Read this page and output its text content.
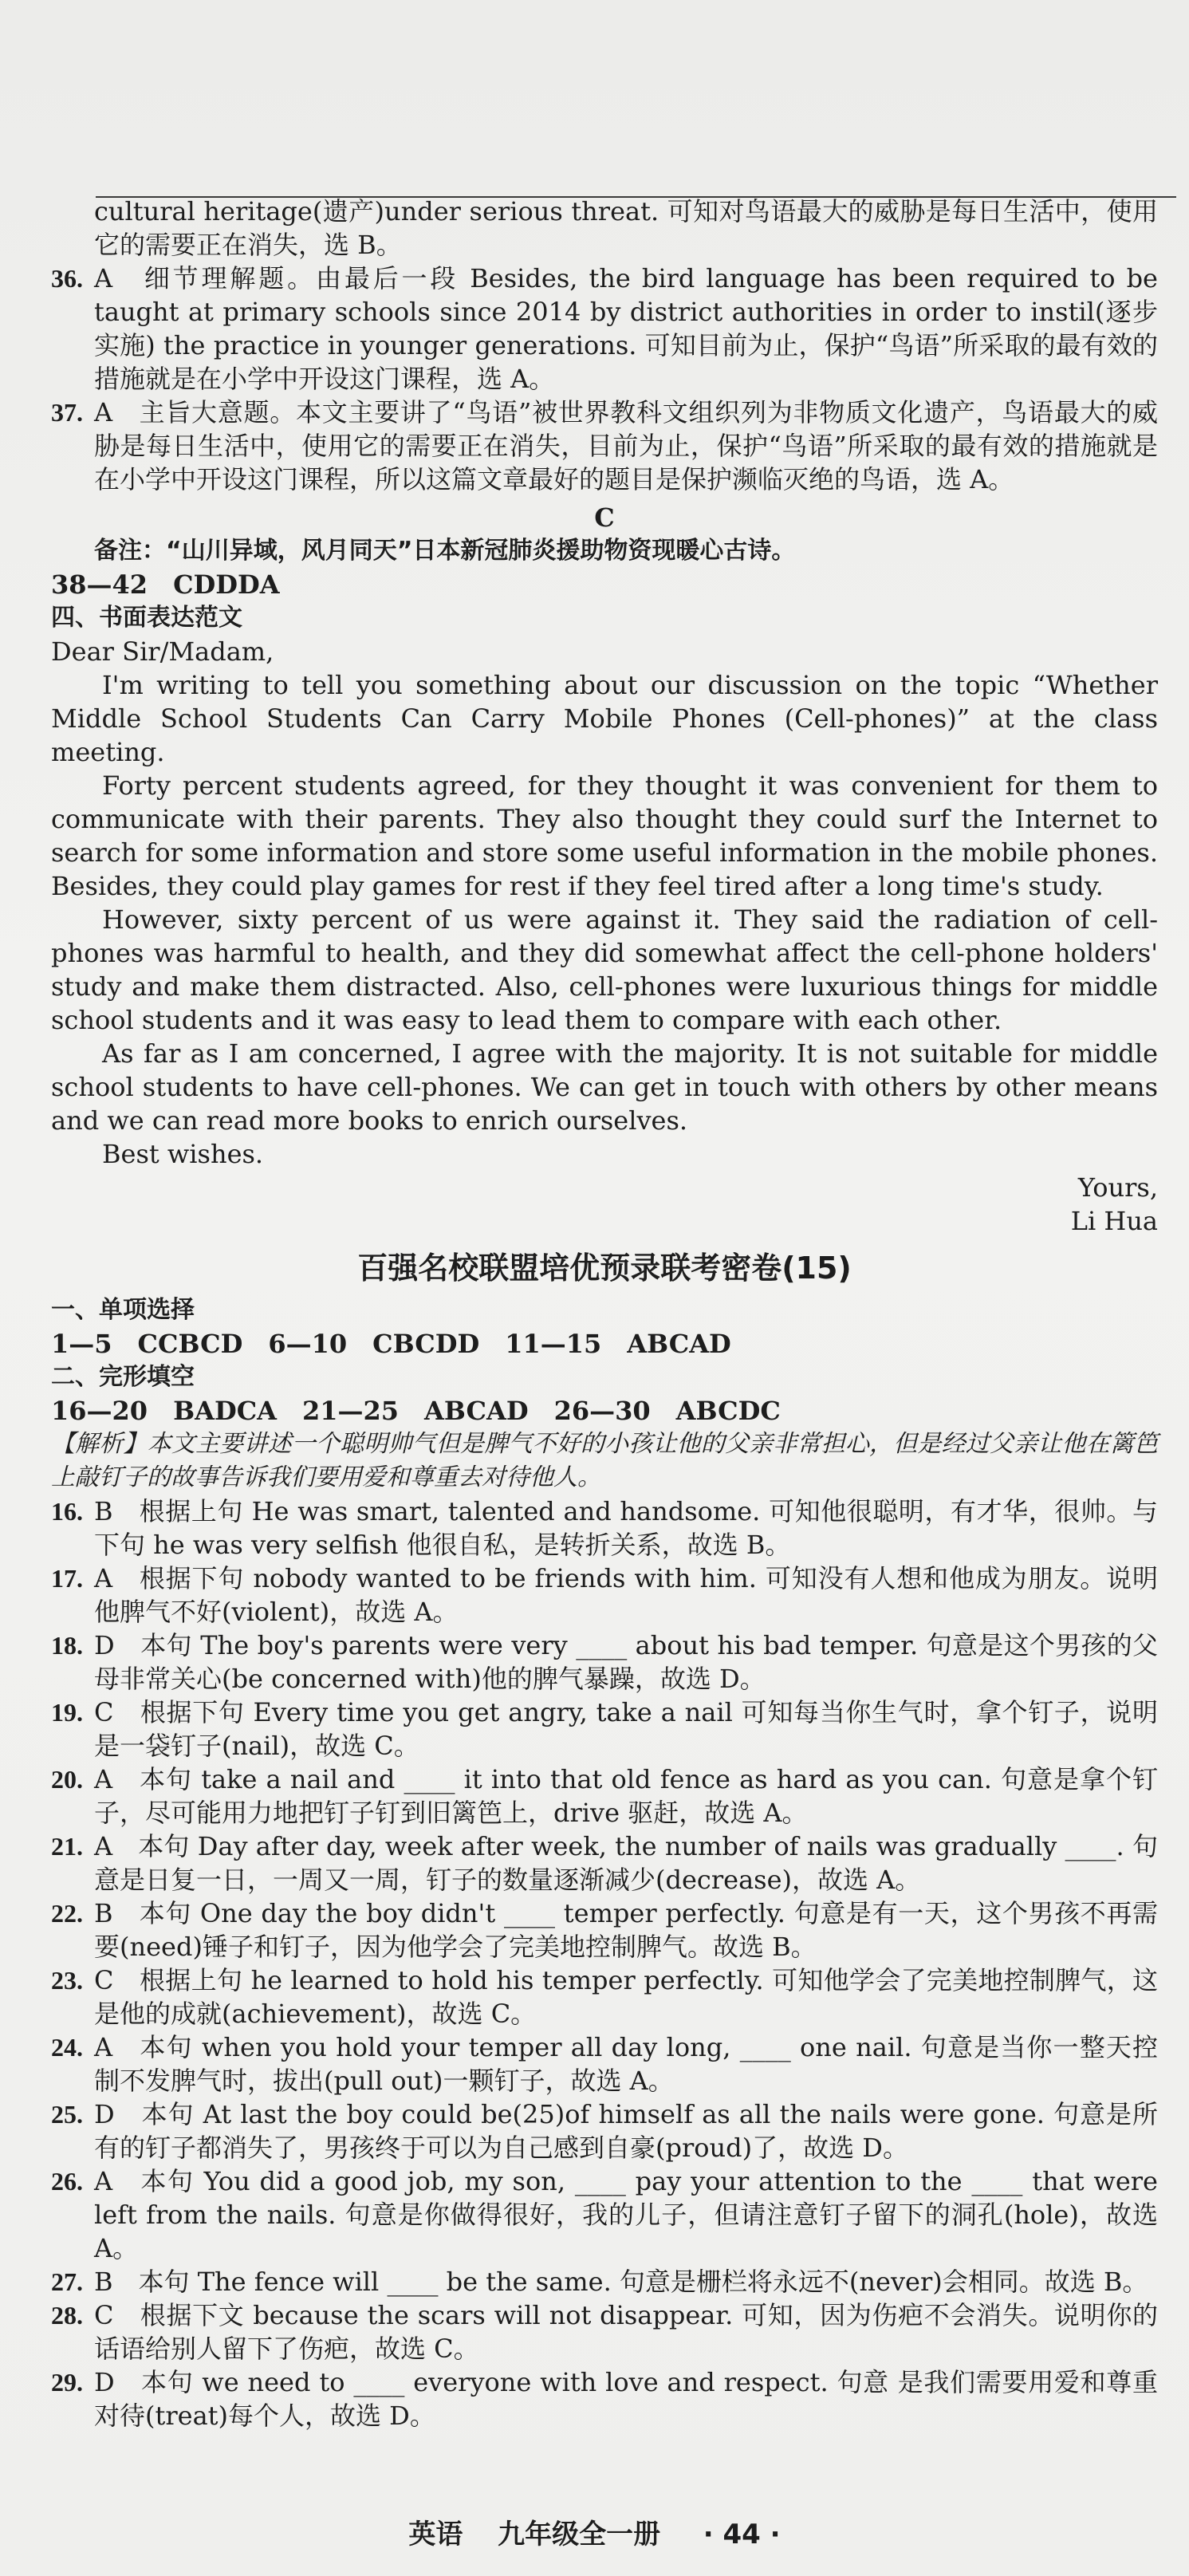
cultural heritage(遗产)under serious threat. 可知对鸟语最大的威胁是每日生活中，使用它的需要正在消失，选 B。

36. A　细节理解题。由最后一段 Besides, the bird language has been required to be taught at primary schools since 2014 by district authorities in order to instil(逐步实施) the practice in younger generations. 可知目前为止，保护“鸟语”所采取的最有效的措施就是在小学中开设这门课程，选 A。
37. A　主旨大意题。本文主要讲了“鸟语”被世界教科文组织列为非物质文化遗产，鸟语最大的威胁是每日生活中，使用它的需要正在消失，目前为止，保护“鸟语”所采取的最有效的措施就是在小学中开设这门课程，所以这篇文章最好的题目是保护濒临灭绝的鸟语，选 A。

C

备注：“山川异域，风月同天”日本新冠肺炎援助物资现暖心古诗。

38—42　CDDDA

四、书面表达范文

Dear Sir/Madam,

I'm writing to tell you something about our discussion on the topic “Whether Middle School Students Can Carry Mobile Phones (Cell-phones)” at the class meeting.

Forty percent students agreed, for they thought it was convenient for them to communicate with their parents. They also thought they could surf the Internet to search for some information and store some useful information in the mobile phones. Besides, they could play games for rest if they feel tired after a long time's study.

However, sixty percent of us were against it. They said the radiation of cell-phones was harmful to health, and they did somewhat affect the cell-phone holders' study and make them distracted. Also, cell-phones were luxurious things for middle school students and it was easy to lead them to compare with each other.

As far as I am concerned, I agree with the majority. It is not suitable for middle school students to have cell-phones. We can get in touch with others by other means and we can read more books to enrich ourselves.

Best wishes.

Yours,

Li Hua

百强名校联盟培优预录联考密卷(15)

一、单项选择

1—5　CCBCD　6—10　CBCDD　11—15　ABCAD

二、完形填空

16—20　BADCA　21—25　ABCAD　26—30　ABCDC

【解析】本文主要讲述一个聪明帅气但是脾气不好的小孩让他的父亲非常担心，但是经过父亲让他在篱笆上敲钉子的故事告诉我们要用爱和尊重去对待他人。

16. B　根据上句 He was smart, talented and handsome. 可知他很聪明，有才华，很帅。与下句 he was very selfish 他很自私，是转折关系，故选 B。
17. A　根据下句 nobody wanted to be friends with him. 可知没有人想和他成为朋友。说明他脾气不好(violent)，故选 A。
18. D　本句 The boy's parents were very ____ about his bad temper. 句意是这个男孩的父母非常关心(be concerned with)他的脾气暴躁，故选 D。
19. C　根据下句 Every time you get angry, take a nail 可知每当你生气时，拿个钉子，说明是一袋钉子(nail)，故选 C。
20. A　本句 take a nail and ____ it into that old fence as hard as you can. 句意是拿个钉子，尽可能用力地把钉子钉到旧篱笆上，drive 驱赶，故选 A。
21. A　本句 Day after day, week after week, the number of nails was gradually ____. 句意是日复一日，一周又一周，钉子的数量逐渐减少(decrease)，故选 A。
22. B　本句 One day the boy didn't ____ temper perfectly. 句意是有一天，这个男孩不再需要(need)锤子和钉子，因为他学会了完美地控制脾气。故选 B。
23. C　根据上句 he learned to hold his temper perfectly. 可知他学会了完美地控制脾气，这是他的成就(achievement)，故选 C。
24. A　本句 when you hold your temper all day long, ____ one nail. 句意是当你一整天控制不发脾气时，拔出(pull out)一颗钉子，故选 A。
25. D　本句 At last the boy could be(25)of himself as all the nails were gone. 句意是所有的钉子都消失了，男孩终于可以为自己感到自豪(proud)了，故选 D。
26. A　本句 You did a good job, my son, ____ pay your attention to the ____ that were left from the nails. 句意是你做得很好，我的儿子，但请注意钉子留下的洞孔(hole)，故选 A。
27. B　本句 The fence will ____ be the same. 句意是栅栏将永远不(never)会相同。故选 B。
28. C　根据下文 because the scars will not disappear. 可知，因为伤疤不会消失。说明你的话语给别人留下了伤疤，故选 C。
29. D　本句 we need to ____ everyone with love and respect. 句意 是我们需要用爱和尊重对待(treat)每个人，故选 D。
英语 九年级全一册 · 44 ·
